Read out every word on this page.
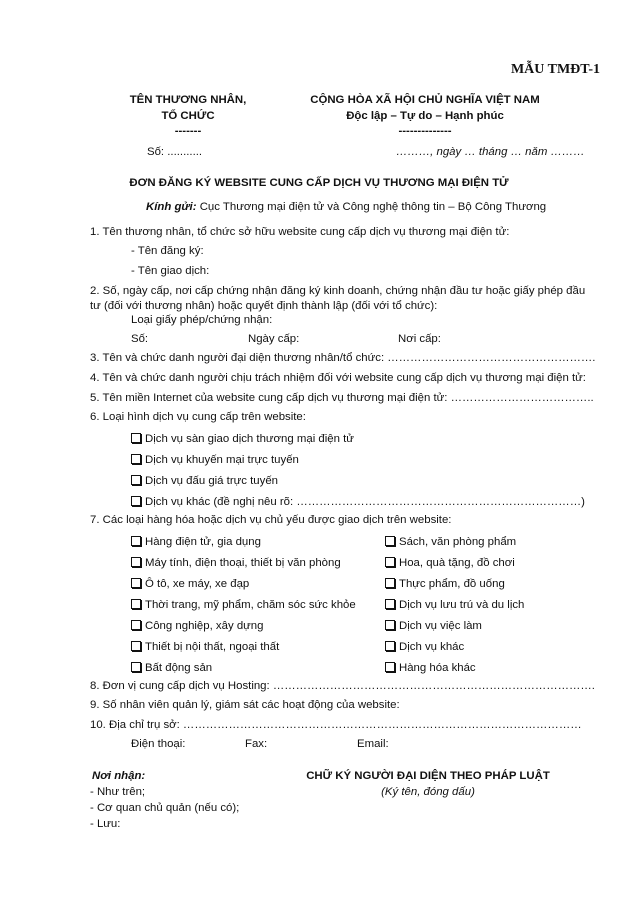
MẪU TMĐT-1
TÊN THƯƠNG NHÂN,
TỔ CHỨC
-------
CỘNG HÒA XÃ HỘI CHỦ NGHĨA VIỆT NAM
Độc lập – Tự do – Hạnh phúc
--------------
Số: ...........	………, ngày … tháng … năm ………
ĐƠN ĐĂNG KÝ WEBSITE CUNG CẤP DỊCH VỤ THƯƠNG MẠI ĐIỆN TỬ
Kính gửi: Cục Thương mại điện tử và Công nghệ thông tin – Bộ Công Thương
1. Tên thương nhân, tổ chức sở hữu website cung cấp dịch vụ thương mại điện tử:
- Tên đăng ký:
- Tên giao dịch:
2. Số, ngày cấp, nơi cấp chứng nhận đăng ký kinh doanh, chứng nhận đầu tư hoặc giấy phép đầu tư (đối với thương nhân) hoặc quyết định thành lập (đối với tổ chức):
Loại giấy phép/chứng nhận:
Số:	Ngày cấp:	Nơi cấp:
3. Tên và chức danh người đại diện thương nhân/tổ chức: ……………………………………………….
4. Tên và chức danh người chịu trách nhiệm đối với website cung cấp dịch vụ thương mại điện tử:
5. Tên miền Internet của website cung cấp dịch vụ thương mại điện tử: ………………………………..
6. Loại hình dịch vụ cung cấp trên website:
Dịch vụ sàn giao dịch thương mại điện tử
Dịch vụ khuyến mại trực tuyến
Dịch vụ đấu giá trực tuyến
Dịch vụ khác (đề nghị nêu rõ: …………………………………………………………………)
7. Các loại hàng hóa hoặc dịch vụ chủ yếu được giao dịch trên website:
Hàng điện tử, gia dụng
Máy tính, điện thoại, thiết bị văn phòng
Ô tô, xe máy, xe đạp
Thời trang, mỹ phẩm, chăm sóc sức khỏe
Công nghiệp, xây dựng
Thiết bị nội thất, ngoại thất
Bất động sản
Sách, văn phòng phẩm
Hoa, quà tặng, đồ chơi
Thực phẩm, đồ uống
Dịch vụ lưu trú và du lịch
Dịch vụ việc làm
Dịch vụ khác
Hàng hóa khác
8. Đơn vị cung cấp dịch vụ Hosting: ………………………………………………………………………….
9. Số nhân viên quản lý, giám sát các hoạt động của website:
10. Địa chỉ trụ sở: ……………………………………………………………………………………………
Điện thoại:	Fax:	Email:
Nơi nhận:
- Như trên;
- Cơ quan chủ quản (nếu có);
- Lưu:
CHỮ KÝ NGƯỜI ĐẠI DIỆN THEO PHÁP LUẬT
(Ký tên, đóng dấu)
